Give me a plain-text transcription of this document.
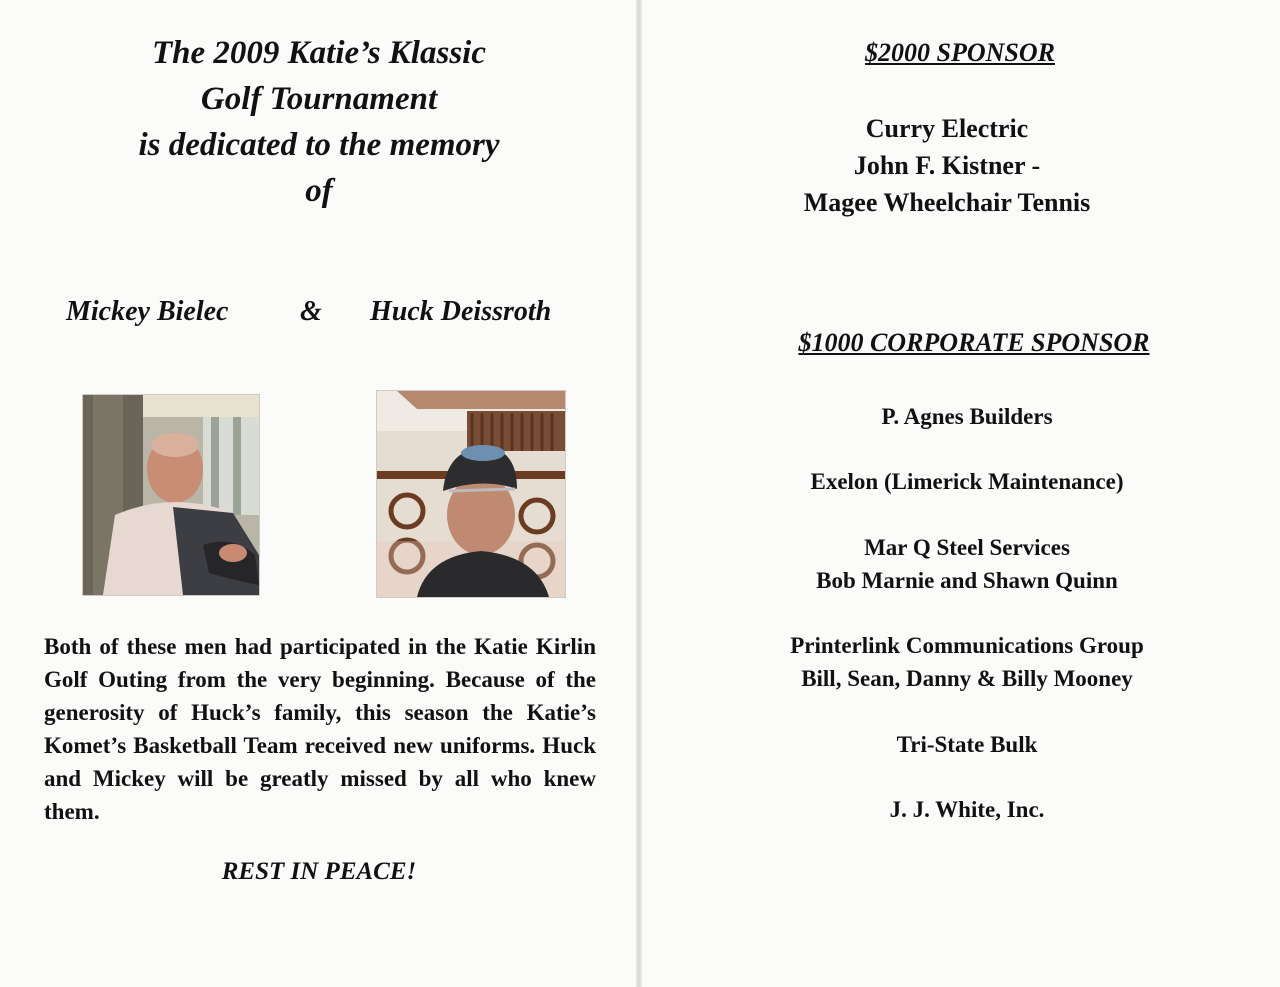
The 2009 Katie’s Klassic
Golf Tournament
is dedicated to the memory
of
Mickey Bielec	& Huck Deissroth
Both of these men had participated in the Katie Kirlin Golf Outing from the very beginning. Because of the generosity of Huck’s family, this season the Katie’s Komet’s Basketball Team received new uniforms. Huck and Mickey will be greatly missed by all who knew them.
REST IN PEACE!
$2000 SPONSOR
Curry Electric
John F. Kistner -
Magee Wheelchair Tennis
$1000 CORPORATE SPONSOR
P. Agnes Builders
Exelon (Limerick Maintenance)
Mar Q Steel Services
Bob Marnie and Shawn Quinn
Printerlink Communications Group
Bill, Sean, Danny & Billy Mooney
Tri-State Bulk
J. J. White, Inc.
